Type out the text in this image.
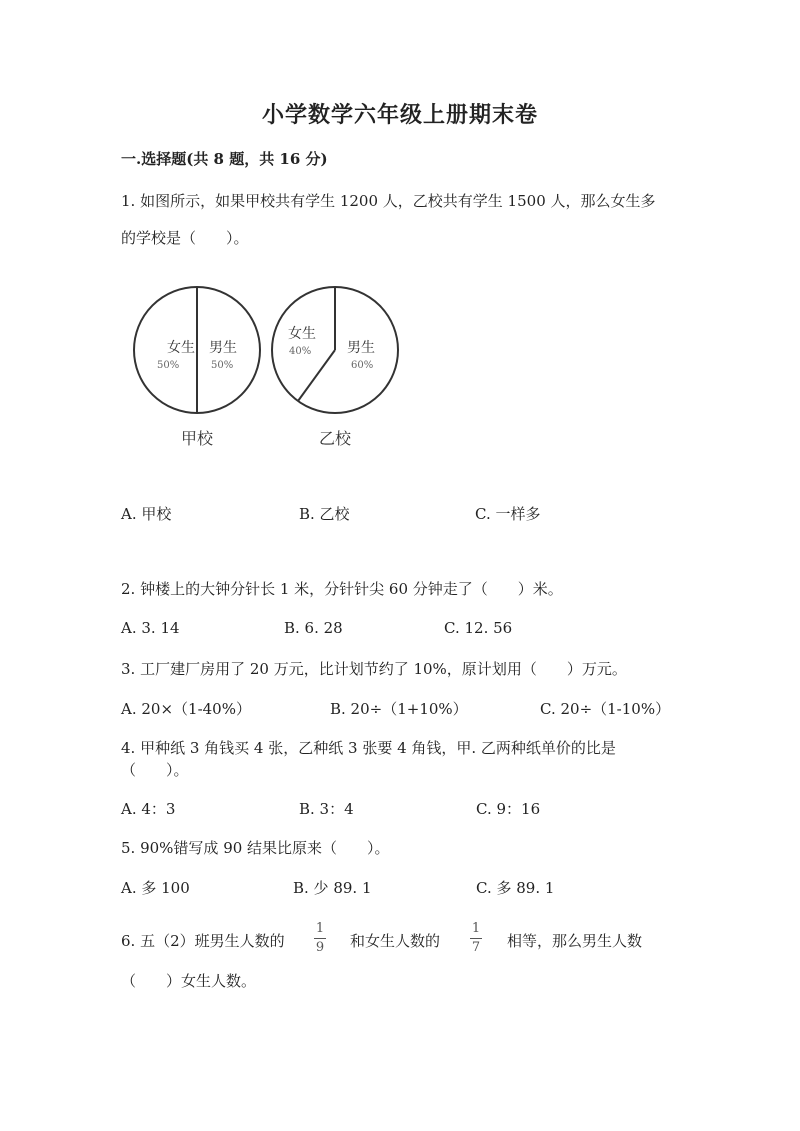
小学数学六年级上册期末卷
一.选择题(共 8 题，共 16 分)
1. 如图所示，如果甲校共有学生 1200 人，乙校共有学生 1500 人，那么女生多
的学校是（　　）。
女生
50%
男生
50%
甲校
女生
40%	男生
60%
乙校
A. 甲校	B. 乙校	C. 一样多
2. 钟楼上的大钟分针长 1 米，分针针尖 60 分钟走了（　　）米。
A. 3. 14	B. 6. 28	C. 12. 56
3. 工厂建厂房用了 20 万元，比计划节约了 10%，原计划用（　　）万元。
A. 20×（1-40%）	B. 20÷（1+10%）	C. 20÷（1-10%）
4. 甲种纸 3 角钱买 4 张，乙种纸 3 张要 4 角钱，甲. 乙两种纸单价的比是
（　　）。
A. 4：3	B. 3：4	C. 9：16
5. 90%错写成 90 结果比原来（　　）。
A. 多 100	B. 少 89. 1	C. 多 89. 1
6. 五（2）班男生人数的
1
9 和女生人数的
1
7 相等，那么男生人数
（　　）女生人数。
